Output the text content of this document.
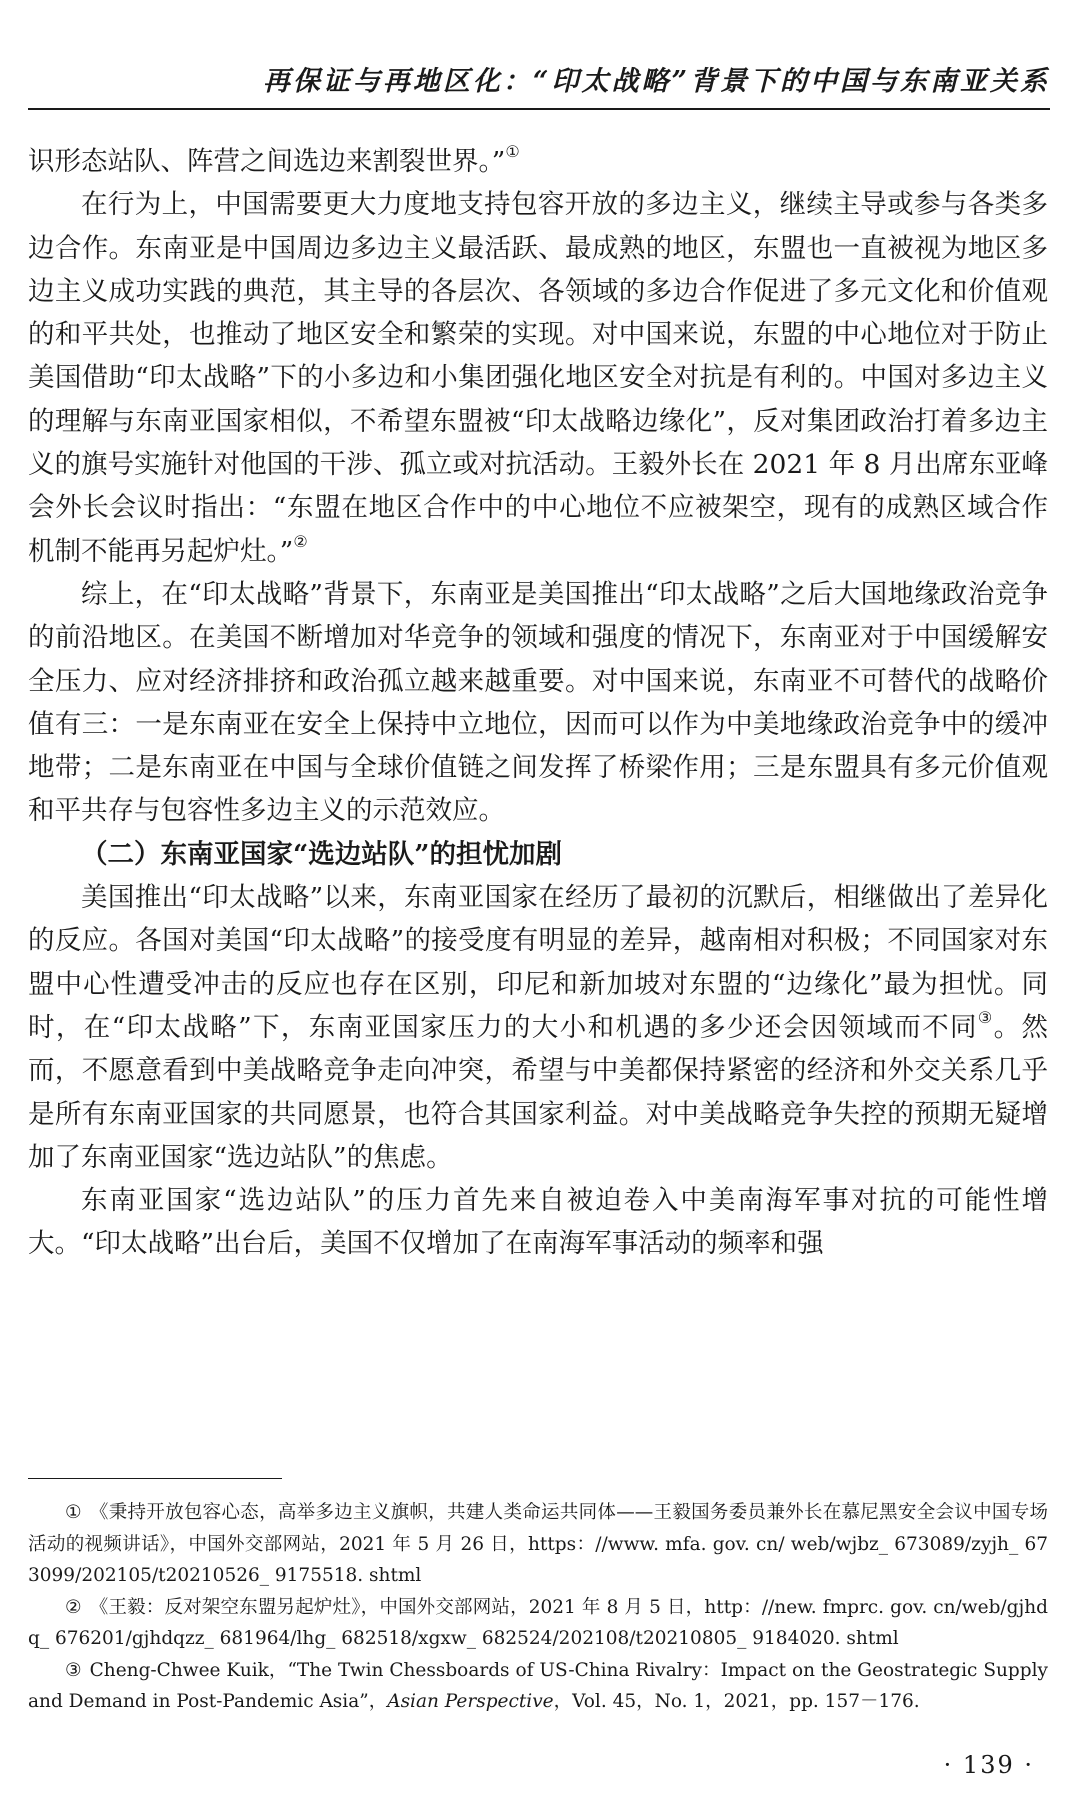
再保证与再地区化：“印太战略”背景下的中国与东南亚关系

识形态站队、阵营之间选边来割裂世界。”①

在行为上，中国需要更大力度地支持包容开放的多边主义，继续主导或参与各类多边合作。东南亚是中国周边多边主义最活跃、最成熟的地区，东盟也一直被视为地区多边主义成功实践的典范，其主导的各层次、各领域的多边合作促进了多元文化和价值观的和平共处，也推动了地区安全和繁荣的实现。对中国来说，东盟的中心地位对于防止美国借助“印太战略”下的小多边和小集团强化地区安全对抗是有利的。中国对多边主义的理解与东南亚国家相似，不希望东盟被“印太战略边缘化”，反对集团政治打着多边主义的旗号实施针对他国的干涉、孤立或对抗活动。王毅外长在 2021 年 8 月出席东亚峰会外长会议时指出：“东盟在地区合作中的中心地位不应被架空，现有的成熟区域合作机制不能再另起炉灶。”②

综上，在“印太战略”背景下，东南亚是美国推出“印太战略”之后大国地缘政治竞争的前沿地区。在美国不断增加对华竞争的领域和强度的情况下，东南亚对于中国缓解安全压力、应对经济排挤和政治孤立越来越重要。对中国来说，东南亚不可替代的战略价值有三：一是东南亚在安全上保持中立地位，因而可以作为中美地缘政治竞争中的缓冲地带；二是东南亚在中国与全球价值链之间发挥了桥梁作用；三是东盟具有多元价值观和平共存与包容性多边主义的示范效应。

（二）东南亚国家“选边站队”的担忧加剧

美国推出“印太战略”以来，东南亚国家在经历了最初的沉默后，相继做出了差异化的反应。各国对美国“印太战略”的接受度有明显的差异，越南相对积极；不同国家对东盟中心性遭受冲击的反应也存在区别，印尼和新加坡对东盟的“边缘化”最为担忧。同时，在“印太战略”下，东南亚国家压力的大小和机遇的多少还会因领域而不同③。然而，不愿意看到中美战略竞争走向冲突，希望与中美都保持紧密的经济和外交关系几乎是所有东南亚国家的共同愿景，也符合其国家利益。对中美战略竞争失控的预期无疑增加了东南亚国家“选边站队”的焦虑。

东南亚国家“选边站队”的压力首先来自被迫卷入中美南海军事对抗的可能性增大。“印太战略”出台后，美国不仅增加了在南海军事活动的频率和强

① 《秉持开放包容心态，高举多边主义旗帜，共建人类命运共同体——王毅国务委员兼外长在慕尼黑安全会议中国专场活动的视频讲话》，中国外交部网站，2021 年 5 月 26 日，https：//www. mfa. gov. cn/ web/wjbz_ 673089/zyjh_ 673099/202105/t20210526_ 9175518. shtml

② 《王毅：反对架空东盟另起炉灶》，中国外交部网站，2021 年 8 月 5 日，http：//new. fmprc. gov. cn/web/gjhdq_ 676201/gjhdqzz_ 681964/lhg_ 682518/xgxw_ 682524/202108/t20210805_ 9184020. shtml

③ Cheng-Chwee Kuik，“The Twin Chessboards of US-China Rivalry：Impact on the Geostrategic Supply and Demand in Post-Pandemic Asia”，Asian Perspective，Vol. 45，No. 1，2021，pp. 157－176.

· 139 ·
